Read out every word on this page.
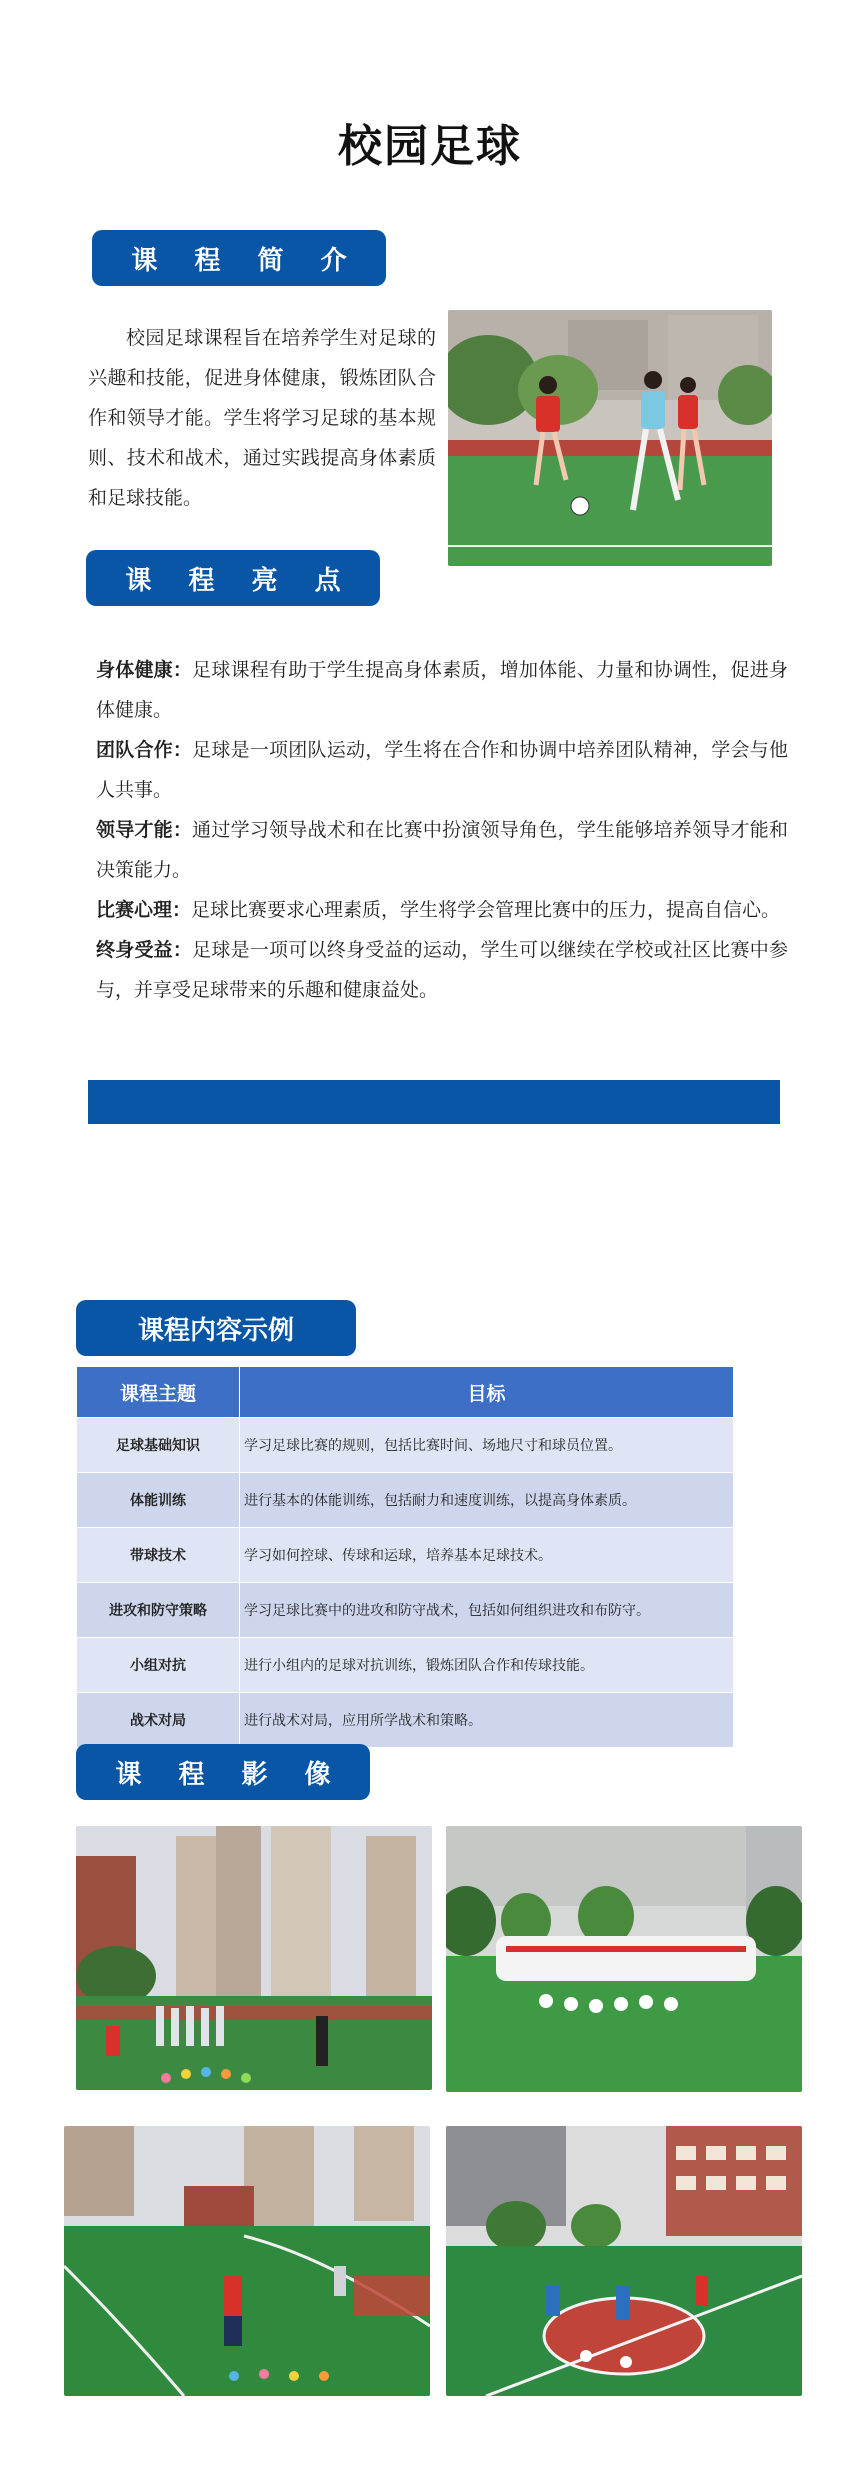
校园足球
课 程 简 介
校园足球课程旨在培养学生对足球的兴趣和技能，促进身体健康，锻炼团队合作和领导才能。学生将学习足球的基本规则、技术和战术，通过实践提高身体素质和足球技能。
课 程 亮 点

身体健康：足球课程有助于学生提高身体素质，增加体能、力量和协调性，促进身体健康。

团队合作：足球是一项团队运动，学生将在合作和协调中培养团队精神，学会与他人共事。

领导才能：通过学习领导战术和在比赛中扮演领导角色，学生能够培养领导才能和决策能力。

比赛心理：足球比赛要求心理素质，学生将学会管理比赛中的压力，提高自信心。

终身受益：足球是一项可以终身受益的运动，学生可以继续在学校或社区比赛中参与，并享受足球带来的乐趣和健康益处。

课程内容示例
课程主题	目标
足球基础知识	学习足球比赛的规则，包括比赛时间、场地尺寸和球员位置。
体能训练	进行基本的体能训练，包括耐力和速度训练，以提高身体素质。
带球技术	学习如何控球、传球和运球，培养基本足球技术。
进攻和防守策略	学习足球比赛中的进攻和防守战术，包括如何组织进攻和布防守。
小组对抗	进行小组内的足球对抗训练，锻炼团队合作和传球技能。
战术对局	进行战术对局，应用所学战术和策略。
课 程 影 像
